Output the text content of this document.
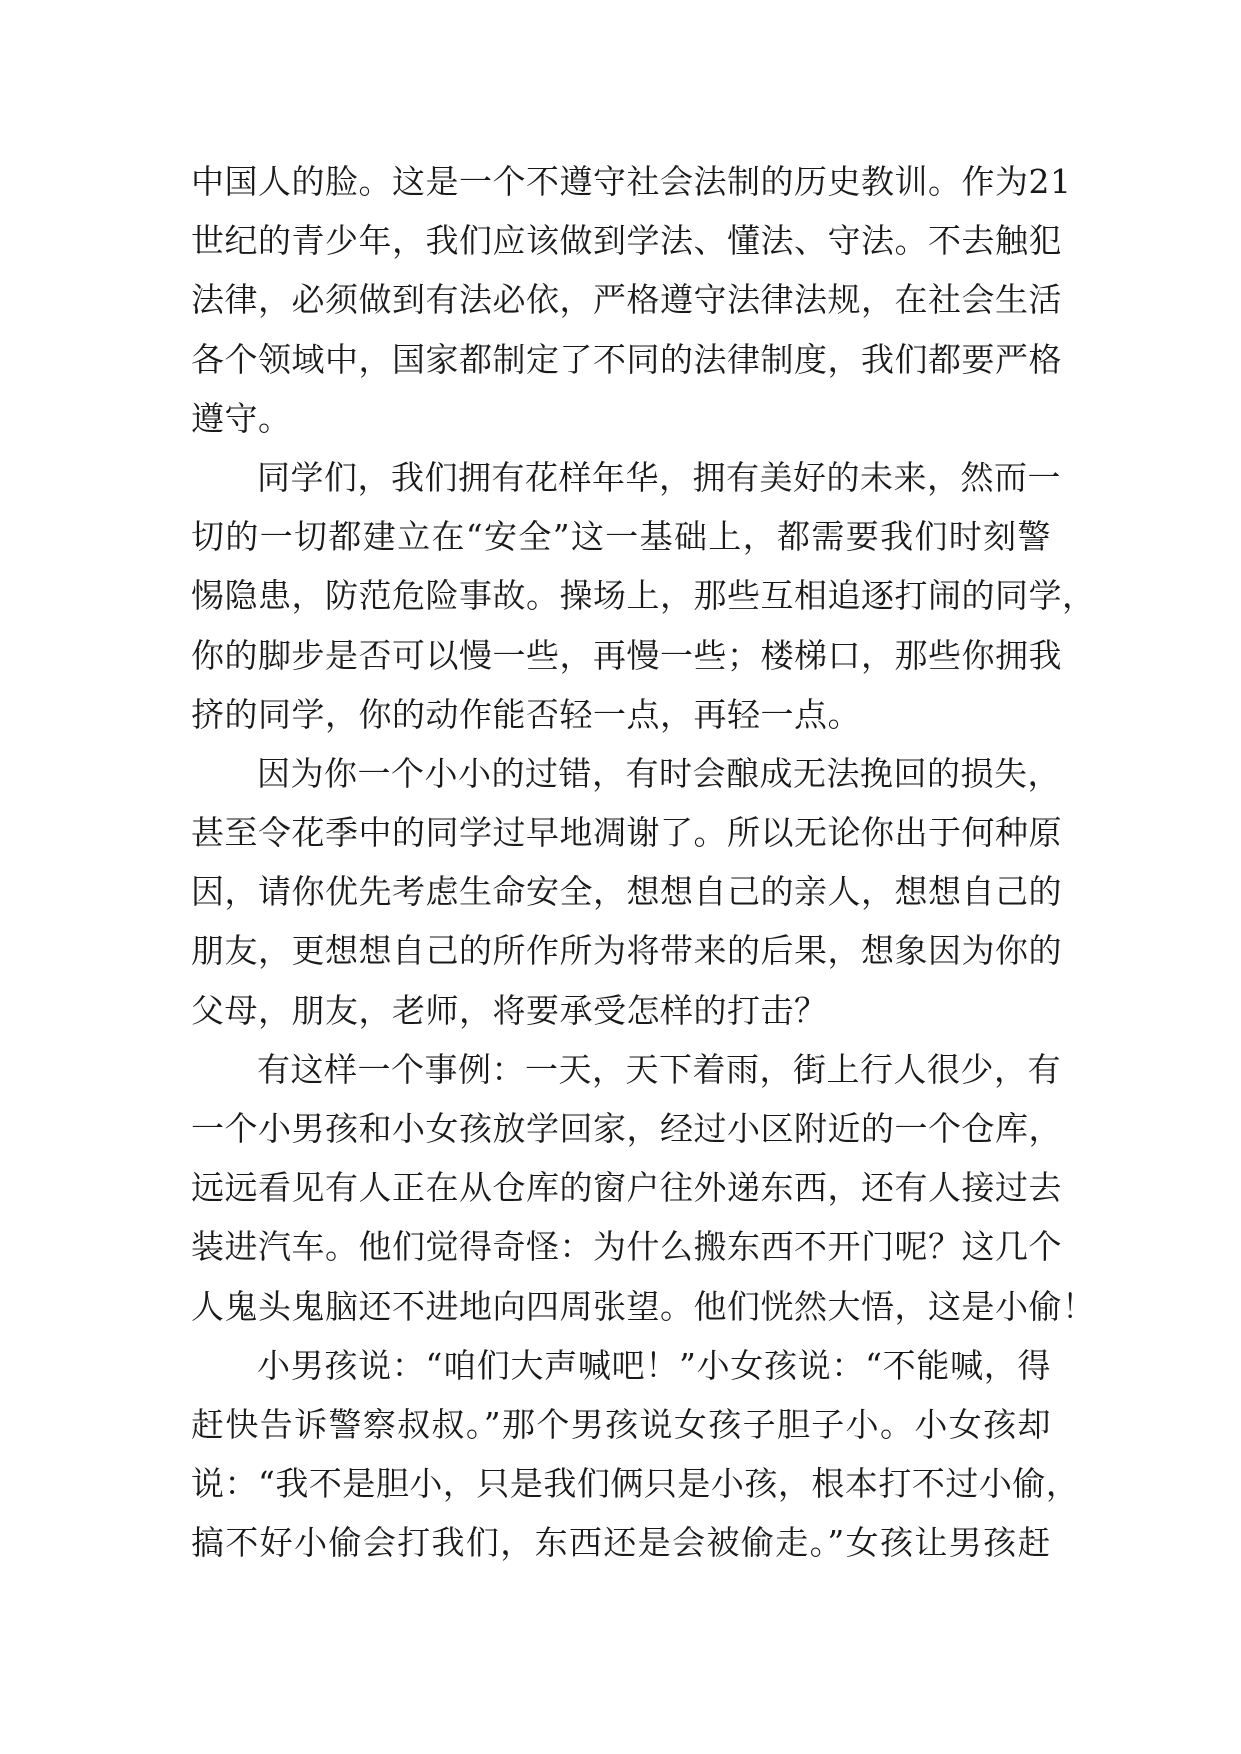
中国人的脸。这是一个不遵守社会法制的历史教训。作为21
世纪的青少年，我们应该做到学法、懂法、守法。不去触犯
法律，必须做到有法必依，严格遵守法律法规，在社会生活
各个领域中，国家都制定了不同的法律制度，我们都要严格
遵守。
同学们，我们拥有花样年华，拥有美好的未来，然而一
切的一切都建立在“安全”这一基础上，都需要我们时刻警
惕隐患，防范危险事故。操场上，那些互相追逐打闹的同学，
你的脚步是否可以慢一些，再慢一些；楼梯口，那些你拥我
挤的同学，你的动作能否轻一点，再轻一点。
因为你一个小小的过错，有时会酿成无法挽回的损失，
甚至令花季中的同学过早地凋谢了。所以无论你出于何种原
因，请你优先考虑生命安全，想想自己的亲人，想想自己的
朋友，更想想自己的所作所为将带来的后果，想象因为你的
父母，朋友，老师，将要承受怎样的打击？
有这样一个事例：一天，天下着雨，街上行人很少，有
一个小男孩和小女孩放学回家，经过小区附近的一个仓库，
远远看见有人正在从仓库的窗户往外递东西，还有人接过去
装进汽车。他们觉得奇怪：为什么搬东西不开门呢？这几个
人鬼头鬼脑还不进地向四周张望。他们恍然大悟，这是小偷！
小男孩说：“咱们大声喊吧！”小女孩说：“不能喊，得
赶快告诉警察叔叔。”那个男孩说女孩子胆子小。小女孩却
说：“我不是胆小，只是我们俩只是小孩，根本打不过小偷，
搞不好小偷会打我们，东西还是会被偷走。”女孩让男孩赶
